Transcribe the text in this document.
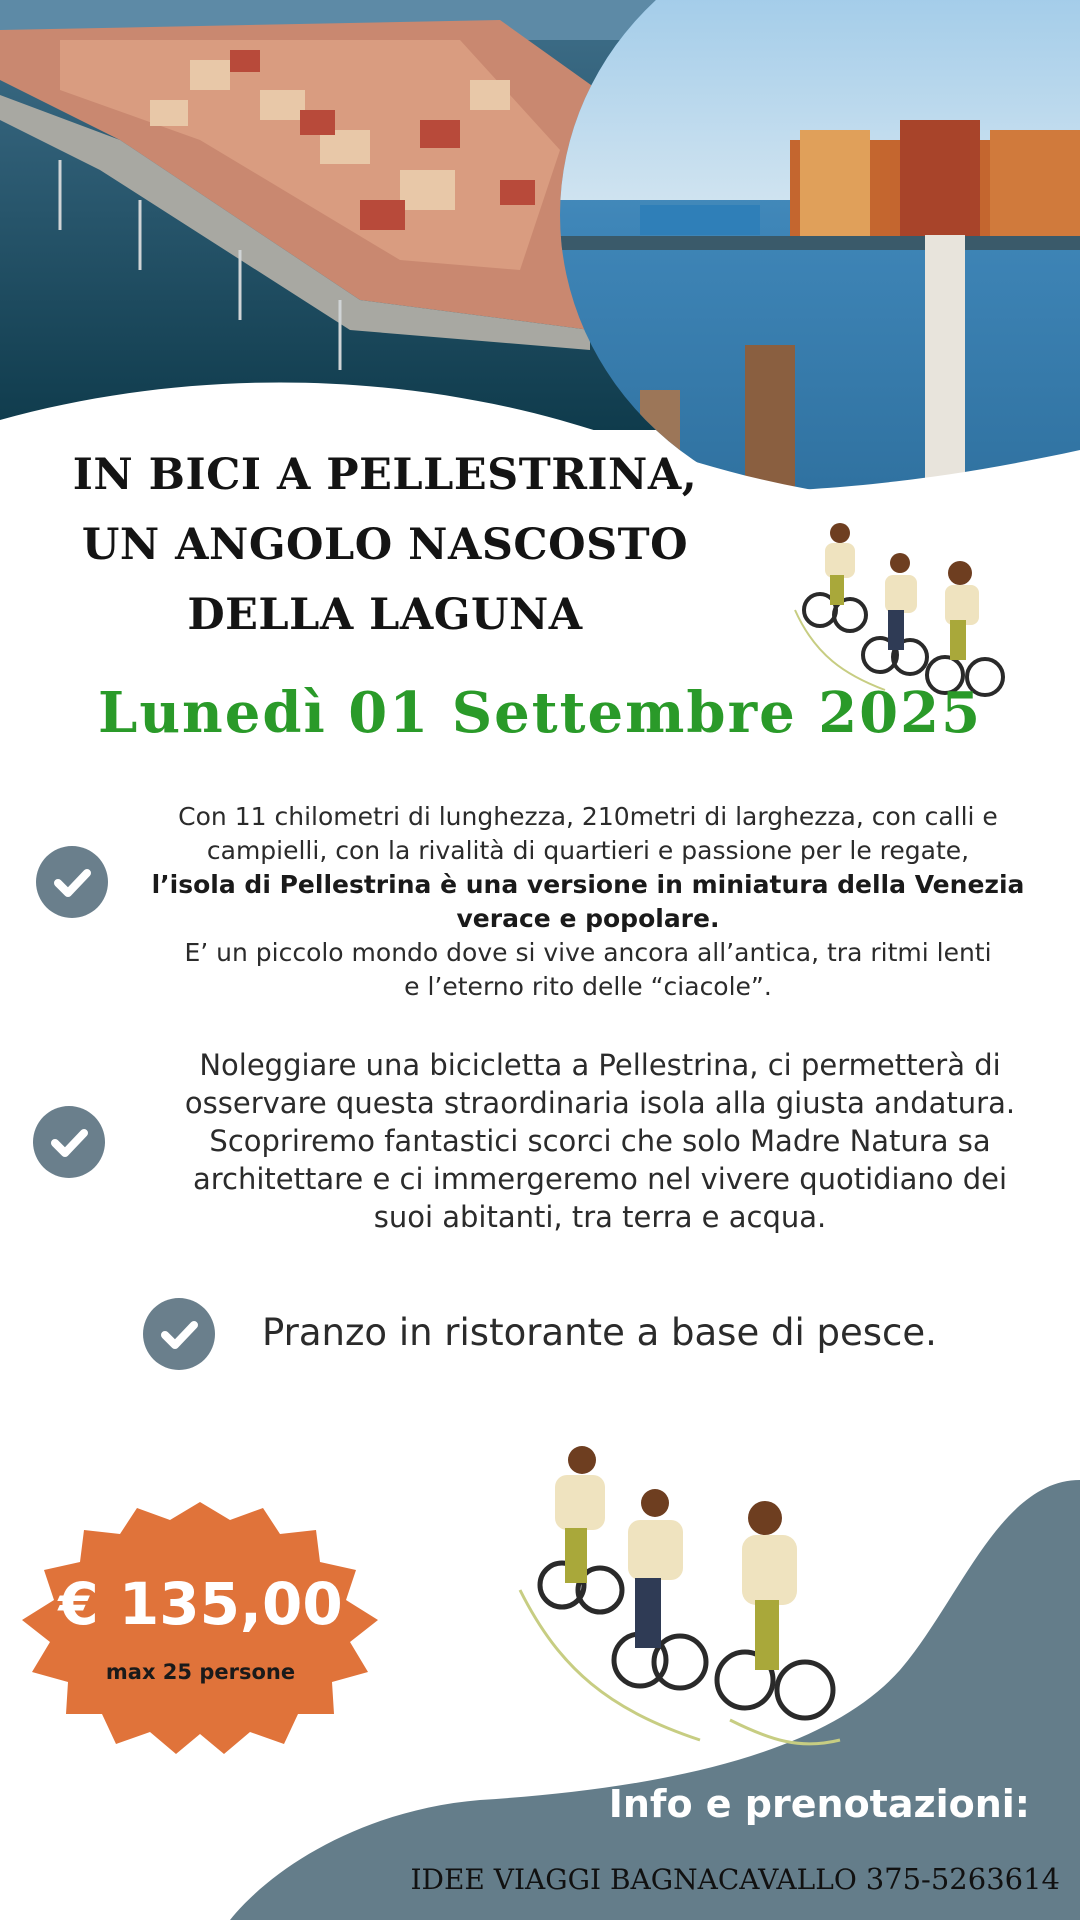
IN BICI A PELLESTRINA,
UN ANGOLO NASCOSTO
DELLA LAGUNA
Lunedì 01 Settembre 2025
Con 11 chilometri di lunghezza, 210metri di larghezza, con calli e
campielli, con la rivalità di quartieri e passione per le regate,
l’isola di Pellestrina è una versione in miniatura della Venezia
verace e popolare.
E’ un piccolo mondo dove si vive ancora all’antica, tra ritmi lenti
e l’eterno rito delle “ciacole”.
Noleggiare una bicicletta a Pellestrina, ci permetterà di
osservare questa straordinaria isola alla giusta andatura.
Scopriremo fantastici scorci che solo Madre Natura sa
architettare e ci immergeremo nel vivere quotidiano dei
suoi abitanti, tra terra e acqua.
Pranzo in ristorante a base di pesce.
€ 135,00
max 25 persone
Info e prenotazioni:
IDEE VIAGGI BAGNACAVALLO 375-5263614
